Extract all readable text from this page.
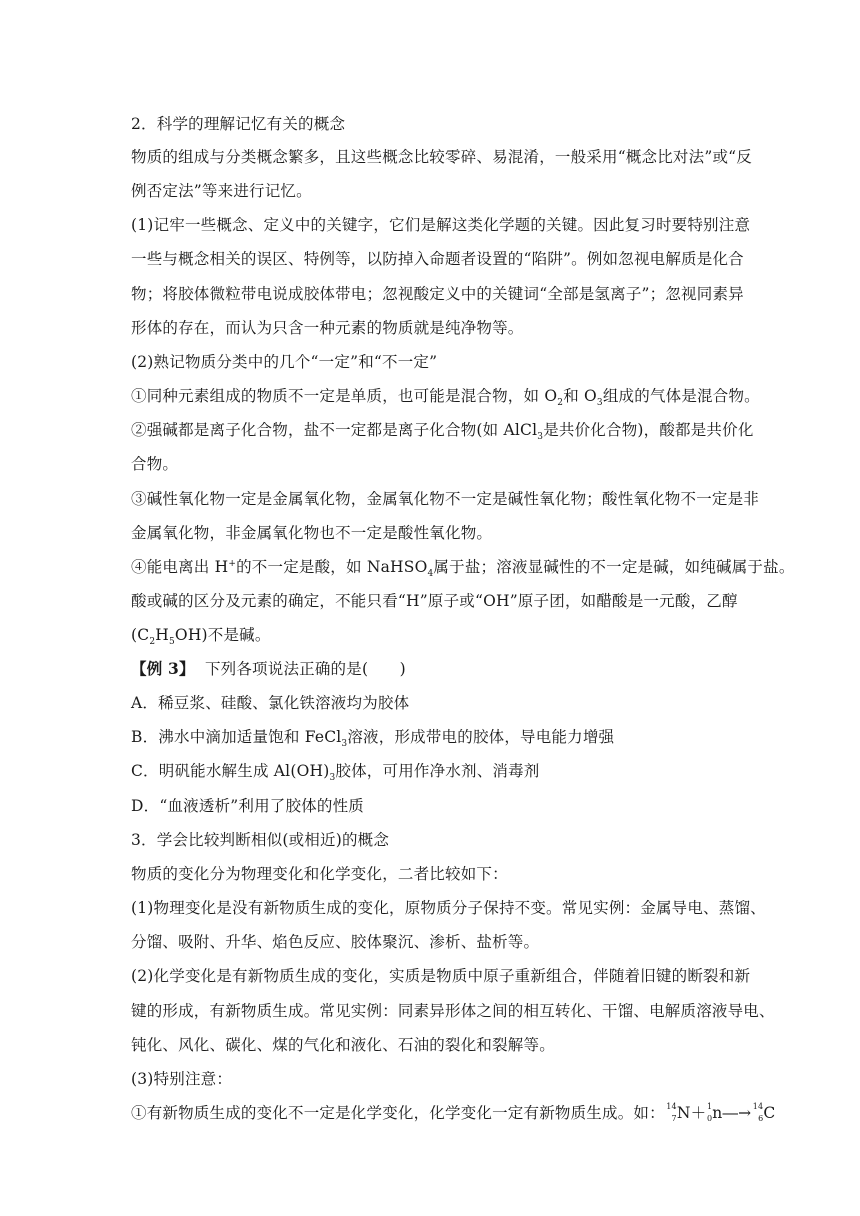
2．科学的理解记忆有关的概念
物质的组成与分类概念繁多，且这些概念比较零碎、易混淆，一般采用“概念比对法”或“反
例否定法”等来进行记忆。
(1)记牢一些概念、定义中的关键字，它们是解这类化学题的关键。因此复习时要特别注意
一些与概念相关的误区、特例等，以防掉入命题者设置的“陷阱”。例如忽视电解质是化合
物；将胶体微粒带电说成胶体带电；忽视酸定义中的关键词“全部是氢离子”；忽视同素异
形体的存在，而认为只含一种元素的物质就是纯净物等。
(2)熟记物质分类中的几个“一定”和“不一定”
①同种元素组成的物质不一定是单质，也可能是混合物，如 $O_2$和 $O_3$组成的气体是混合物。
②强碱都是离子化合物，盐不一定都是离子化合物(如 AlCl$_3$是共价化合物)，酸都是共价化
合物。
③碱性氧化物一定是金属氧化物，金属氧化物不一定是碱性氧化物；酸性氧化物不一定是非
金属氧化物，非金属氧化物也不一定是酸性氧化物。
④能电离出 H+的不一定是酸，如 NaHSO$_4$属于盐；溶液显碱性的不一定是碱，如纯碱属于盐。
酸或碱的区分及元素的确定，不能只看“H”原子或“OH”原子团，如醋酸是一元酸，乙醇
$(C_2H_5OH)$不是碱。
【例 3】 下列各项说法正确的是(　　)
A．稀豆浆、硅酸、氯化铁溶液均为胶体
B．沸水中滴加适量饱和 FeCl$_3$溶液，形成带电的胶体，导电能力增强
C．明矾能水解生成 $Al(OH)_3$胶体，可用作净水剂、消毒剂
D．“血液透析”利用了胶体的性质
3．学会比较判断相似(或相近)的概念
物质的变化分为物理变化和化学变化，二者比较如下：
(1)物理变化是没有新物质生成的变化，原物质分子保持不变。常见实例：金属导电、蒸馏、
分馏、吸附、升华、焰色反应、胶体聚沉、渗析、盐析等。
(2)化学变化是有新物质生成的变化，实质是物质中原子重新组合，伴随着旧键的断裂和新
键的形成，有新物质生成。常见实例：同素异形体之间的相互转化、干馏、电解质溶液导电、
钝化、风化、碳化、煤的气化和液化、石油的裂化和裂解等。
(3)特别注意：
①有新物质生成的变化不一定是化学变化，化学变化一定有新物质生成。如： 14
7 N＋ 1
0 n―→ 14
6 C
